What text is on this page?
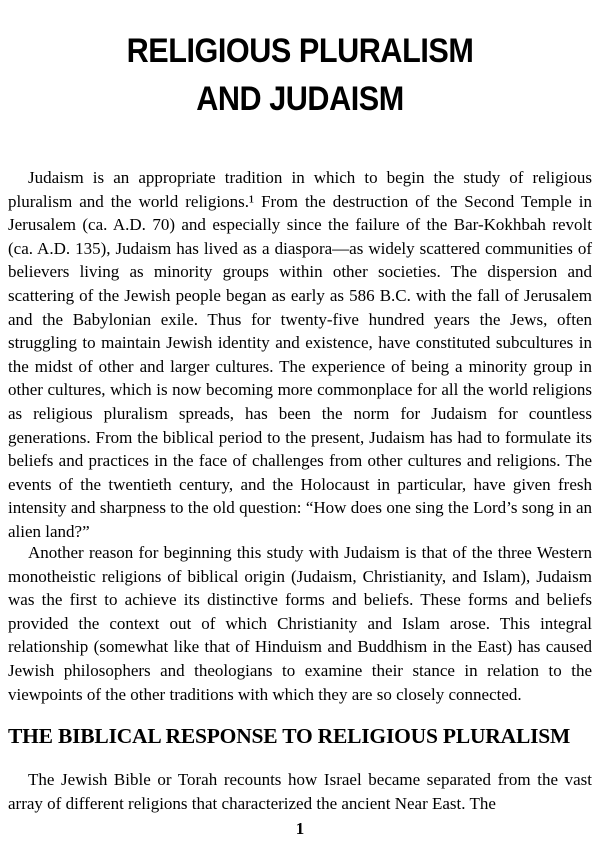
RELIGIOUS PLURALISM
AND JUDAISM

Judaism is an appropriate tradition in which to begin the study of religious pluralism and the world religions.¹ From the destruction of the Second Temple in Jerusalem (ca. A.D. 70) and especially since the failure of the Bar-Kokhbah revolt (ca. A.D. 135), Judaism has lived as a diaspora—as widely scattered communities of believers living as minority groups within other societies. The dispersion and scattering of the Jewish people began as early as 586 B.C. with the fall of Jerusalem and the Babylonian exile. Thus for twenty-five hundred years the Jews, often struggling to maintain Jewish identity and existence, have constituted subcultures in the midst of other and larger cultures. The experience of being a minority group in other cultures, which is now becoming more commonplace for all the world religions as religious pluralism spreads, has been the norm for Judaism for countless generations. From the biblical period to the present, Judaism has had to formulate its beliefs and practices in the face of challenges from other cultures and religions. The events of the twentieth century, and the Holocaust in particular, have given fresh intensity and sharpness to the old question: “How does one sing the Lord’s song in an alien land?”

Another reason for beginning this study with Judaism is that of the three Western monotheistic religions of biblical origin (Judaism, Christianity, and Islam), Judaism was the first to achieve its distinctive forms and beliefs. These forms and beliefs provided the context out of which Christianity and Islam arose. This integral relationship (somewhat like that of Hinduism and Buddhism in the East) has caused Jewish philosophers and theologians to examine their stance in relation to the viewpoints of the other traditions with which they are so closely connected.

THE BIBLICAL RESPONSE TO RELIGIOUS PLURALISM

The Jewish Bible or Torah recounts how Israel became separated from the vast array of different religions that characterized the ancient Near East. The

1
